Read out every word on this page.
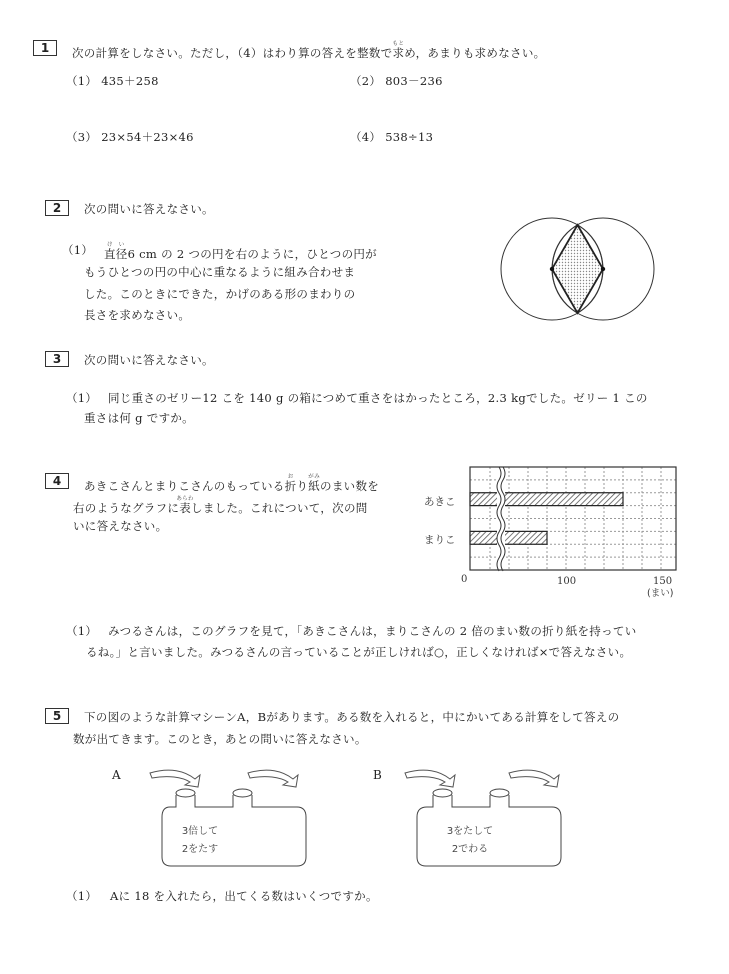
1	次の計算をしなさい。ただし，（4）はわり算の答えを整数で求もとめ，あまりも求めなさい。
（1） 435＋258	（2） 803－236
（3） 23×54＋23×46	（4） 538÷13
2	次の問いに答えなさい。
（1） 直径けい6 cm の 2 つの円を右のように，ひとつの円が
もうひとつの円の中心に重なるように組み合わせま
した。このときにできた，かげのある形のまわりの
長さを求めなさい。
3	次の問いに答えなさい。
（1） 同じ重さのゼリー12 こを 140 g の箱につめて重さをはかったところ，2.3 kgでした。ゼリー 1 この
重さは何 g ですか。
4	あきこさんとまりこさんのもっている折おり紙がみのまい数を
右のようなグラフに表あらわしました。これについて，次の問
いに答えなさい。
あきこ
まりこ
0	100	150
(まい)
（1） みつるさんは，このグラフを見て，「あきこさんは，まりこさんの 2 倍のまい数の折り紙を持ってい
るね。」と言いました。みつるさんの言っていることが正しければ○，正しくなければ×で答えなさい。
5	下の図のような計算マシーンA，Bがあります。ある数を入れると，中にかいてある計算をして答えの
数が出てきます。このとき，あとの問いに答えなさい。
A
3倍して
2をたす
B
3をたして
2でわる
（1） Aに 18 を入れたら，出てくる数はいくつですか。
